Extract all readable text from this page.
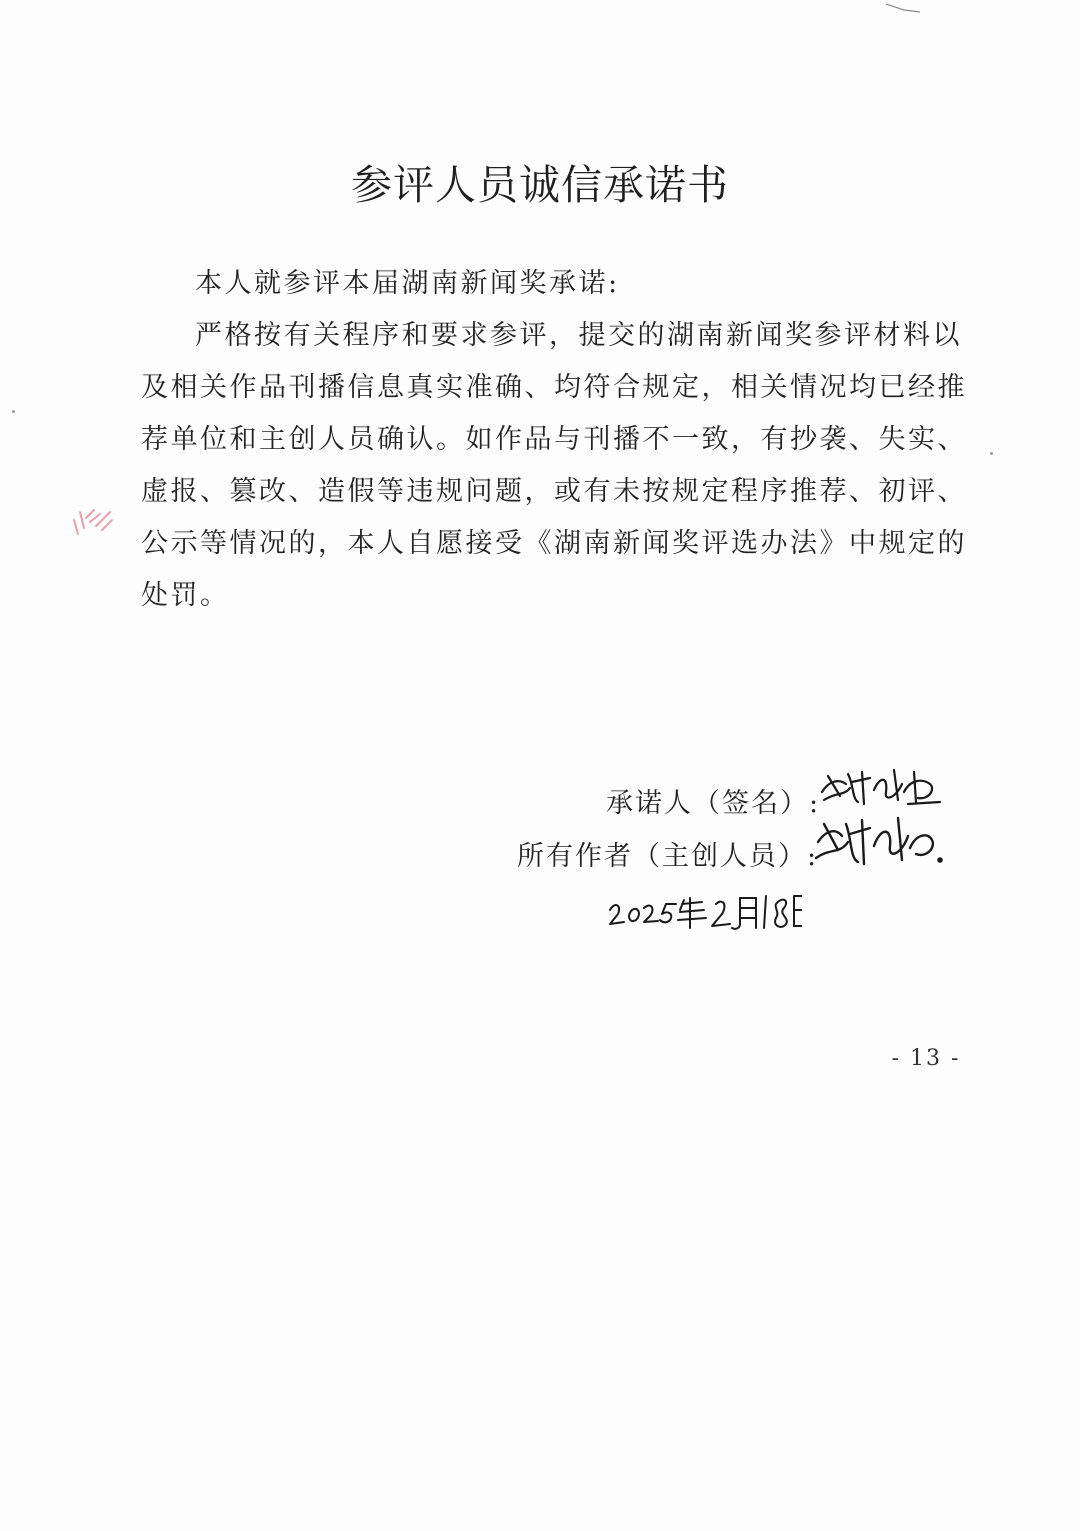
参评人员诚信承诺书

本人就参评本届湖南新闻奖承诺:

严格按有关程序和要求参评，提交的湖南新闻奖参评材料以及相关作品刊播信息真实准确、均符合规定，相关情况均已经推荐单位和主创人员确认。如作品与刊播不一致，有抄袭、失实、虚报、篡改、造假等违规问题，或有未按规定程序推荐、初评、公示等情况的，本人自愿接受《湖南新闻奖评选办法》中规定的处罚。

承诺人（签名）:
所有作者（主创人员）:
- 13 -
